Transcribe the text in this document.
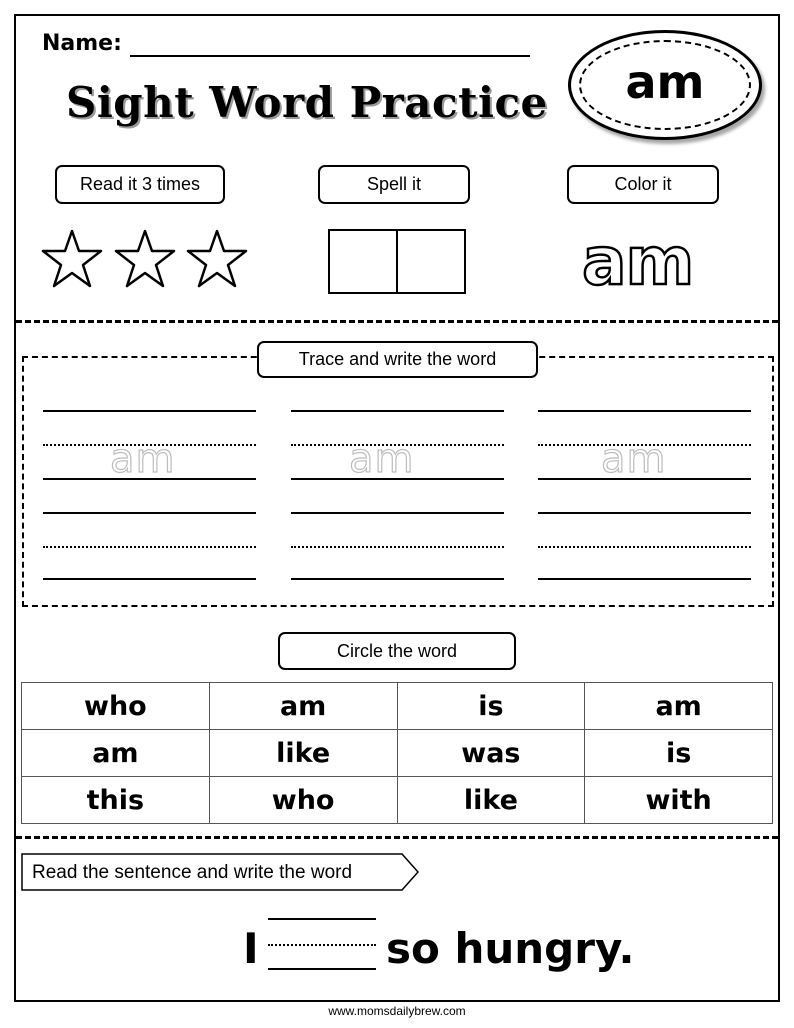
Name:
Sight Word Practice	am
Read it 3 times	Spell it	Color it
am
am	am	am
Trace and write the word
Circle the word
who	am	is	am
am	like	was	is
this	who	like	with
Read the sentence and write the word
I	so hungry.
www.momsdailybrew.com
